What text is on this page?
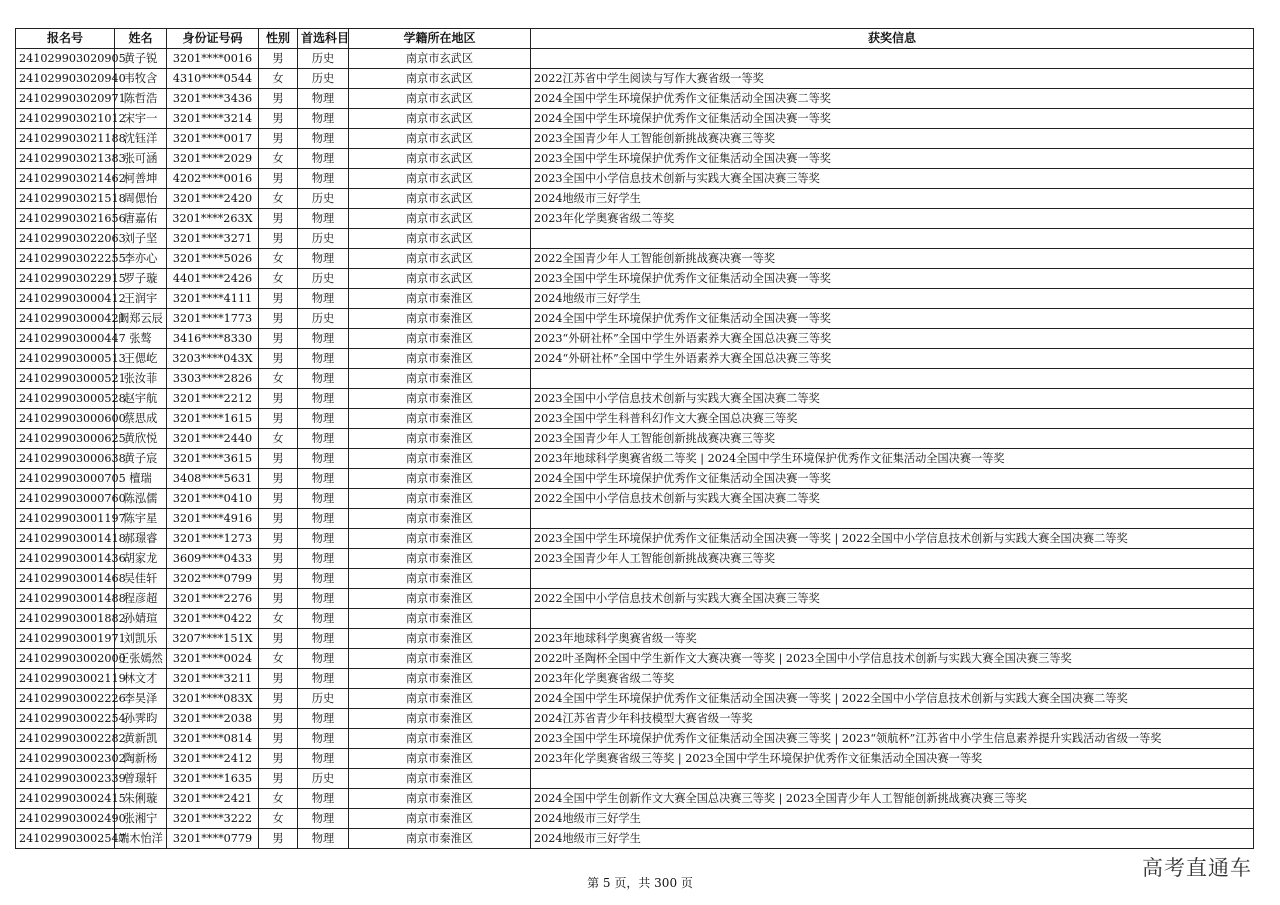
报名号	姓名	身份证号码	性别	首选科目	学籍所在地区	获奖信息
241029903020905	黄子锐	3201****0016	男	历史	南京市玄武区	
241029903020940	韦牧含	4310****0544	女	历史	南京市玄武区	2022江苏省中学生阅读与写作大赛省级一等奖
241029903020971	陈哲浩	3201****3436	男	物理	南京市玄武区	2024全国中学生环境保护优秀作文征集活动全国决赛二等奖
241029903021012	宋宇一	3201****3214	男	物理	南京市玄武区	2024全国中学生环境保护优秀作文征集活动全国决赛一等奖
241029903021188	沈钰洋	3201****0017	男	物理	南京市玄武区	2023全国青少年人工智能创新挑战赛决赛三等奖
241029903021383	张可涵	3201****2029	女	物理	南京市玄武区	2023全国中学生环境保护优秀作文征集活动全国决赛一等奖
241029903021462	柯善坤	4202****0016	男	物理	南京市玄武区	2023全国中小学信息技术创新与实践大赛全国决赛三等奖
241029903021518	周偲怡	3201****2420	女	历史	南京市玄武区	2024地级市三好学生
241029903021656	唐嘉佑	3201****263X	男	物理	南京市玄武区	2023年化学奥赛省级二等奖
241029903022063	刘子坚	3201****3271	男	历史	南京市玄武区	
241029903022255	李亦心	3201****5026	女	物理	南京市玄武区	2022全国青少年人工智能创新挑战赛决赛一等奖
241029903022915	罗子璇	4401****2426	女	历史	南京市玄武区	2023全国中学生环境保护优秀作文征集活动全国决赛一等奖
241029903000412	王润宇	3201****4111	男	物理	南京市秦淮区	2024地级市三好学生
241029903000421	阙郑云辰	3201****1773	男	历史	南京市秦淮区	2024全国中学生环境保护优秀作文征集活动全国决赛一等奖
241029903000447	张骜	3416****8330	男	物理	南京市秦淮区	2023“外研社杯”全国中学生外语素养大赛全国总决赛三等奖
241029903000513	王偲屹	3203****043X	男	物理	南京市秦淮区	2024“外研社杯”全国中学生外语素养大赛全国总决赛三等奖
241029903000521	张汝菲	3303****2826	女	物理	南京市秦淮区	
241029903000528	赵宇航	3201****2212	男	物理	南京市秦淮区	2023全国中小学信息技术创新与实践大赛全国决赛二等奖
241029903000600	蔡思成	3201****1615	男	物理	南京市秦淮区	2023全国中学生科普科幻作文大赛全国总决赛三等奖
241029903000625	黄欣悦	3201****2440	女	物理	南京市秦淮区	2023全国青少年人工智能创新挑战赛决赛三等奖
241029903000638	黄子宸	3201****3615	男	物理	南京市秦淮区	2023年地球科学奥赛省级二等奖 | 2024全国中学生环境保护优秀作文征集活动全国决赛一等奖
241029903000705	檀瑞	3408****5631	男	物理	南京市秦淮区	2024全国中学生环境保护优秀作文征集活动全国决赛一等奖
241029903000760	陈泓儒	3201****0410	男	物理	南京市秦淮区	2022全国中小学信息技术创新与实践大赛全国决赛二等奖
241029903001197	陈宇星	3201****4916	男	物理	南京市秦淮区	
241029903001418	郝璟睿	3201****1273	男	物理	南京市秦淮区	2023全国中学生环境保护优秀作文征集活动全国决赛一等奖 | 2022全国中小学信息技术创新与实践大赛全国决赛二等奖
241029903001436	胡家龙	3609****0433	男	物理	南京市秦淮区	2023全国青少年人工智能创新挑战赛决赛三等奖
241029903001468	吴佳轩	3202****0799	男	物理	南京市秦淮区	
241029903001488	程彦超	3201****2276	男	物理	南京市秦淮区	2022全国中小学信息技术创新与实践大赛全国决赛三等奖
241029903001882	孙婧瑄	3201****0422	女	物理	南京市秦淮区	
241029903001971	刘凯乐	3207****151X	男	物理	南京市秦淮区	2023年地球科学奥赛省级一等奖
241029903002000	王张嫣然	3201****0024	女	物理	南京市秦淮区	2022叶圣陶杯全国中学生新作文大赛决赛一等奖 | 2023全国中小学信息技术创新与实践大赛全国决赛三等奖
241029903002119	林文才	3201****3211	男	物理	南京市秦淮区	2023年化学奥赛省级二等奖
241029903002226	李昊泽	3201****083X	男	历史	南京市秦淮区	2024全国中学生环境保护优秀作文征集活动全国决赛一等奖 | 2022全国中小学信息技术创新与实践大赛全国决赛二等奖
241029903002254	孙霁昀	3201****2038	男	物理	南京市秦淮区	2024江苏省青少年科技模型大赛省级一等奖
241029903002282	黄新凯	3201****0814	男	物理	南京市秦淮区	2023全国中学生环境保护优秀作文征集活动全国决赛三等奖 | 2023“领航杯”江苏省中小学生信息素养提升实践活动省级一等奖
241029903002302	陶新杨	3201****2412	男	物理	南京市秦淮区	2023年化学奥赛省级三等奖 | 2023全国中学生环境保护优秀作文征集活动全国决赛一等奖
241029903002339	曾璟轩	3201****1635	男	历史	南京市秦淮区	
241029903002415	朱俐璇	3201****2421	女	物理	南京市秦淮区	2024全国中学生创新作文大赛全国总决赛三等奖 | 2023全国青少年人工智能创新挑战赛决赛三等奖
241029903002490	张湘宁	3201****3222	女	物理	南京市秦淮区	2024地级市三好学生
241029903002547	端木怡洋	3201****0779	男	物理	南京市秦淮区	2024地级市三好学生
第 5 页，共 300 页
高考直通车
